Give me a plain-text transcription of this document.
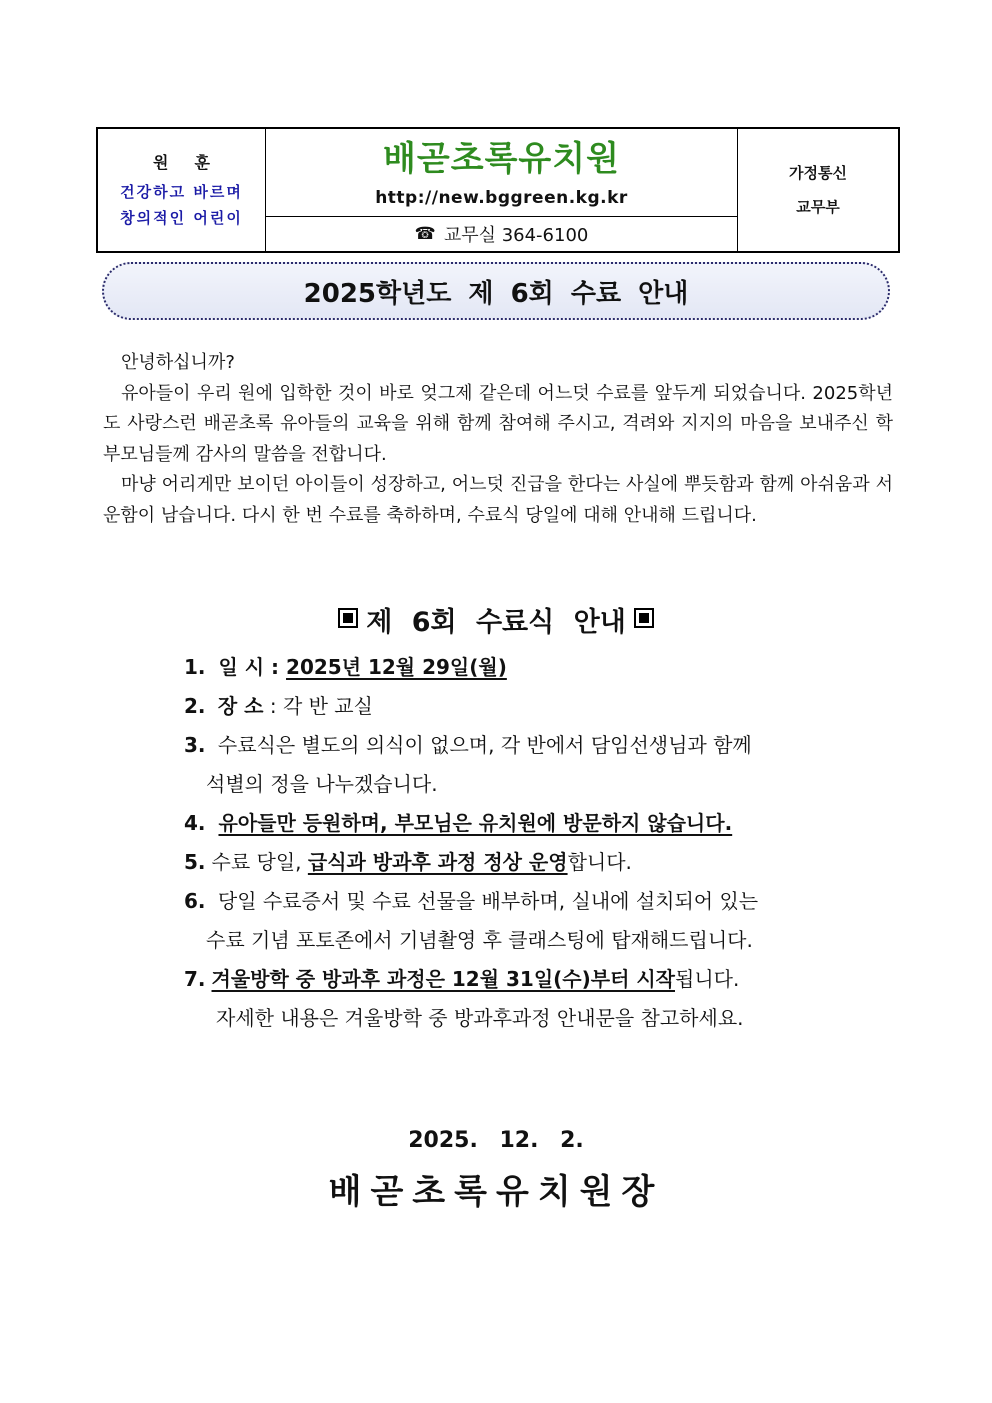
원훈
건강하고 바르며
창의적인 어린이
배곧초록유치원
http://new.bggreen.kg.kr
☎ 교무실 364-6100
가정통신
교무부
2025학년도 제 6회 수료 안내

안녕하십니까?

유아들이 우리 원에 입학한 것이 바로 엊그제 같은데 어느덧 수료를 앞두게 되었습니다. 2025학년도 사랑스런 배곧초록 유아들의 교육을 위해 함께 참여해 주시고, 격려와 지지의 마음을 보내주신 학부모님들께 감사의 말씀을 전합니다.

마냥 어리게만 보이던 아이들이 성장하고, 어느덧 진급을 한다는 사실에 뿌듯함과 함께 아쉬움과 서운함이 남습니다. 다시 한 번 수료를 축하하며, 수료식 당일에 대해 안내해 드립니다.

제 6회 수료식 안내
1. 일 시 : 2025년 12월 29일(월)
2. 장 소 : 각 반 교실
3. 수료식은 별도의 의식이 없으며, 각 반에서 담임선생님과 함께
석별의 정을 나누겠습니다.
4. 유아들만 등원하며, 부모님은 유치원에 방문하지 않습니다.
5. 수료 당일, 급식과 방과후 과정 정상 운영합니다.
6. 당일 수료증서 및 수료 선물을 배부하며, 실내에 설치되어 있는
수료 기념 포토존에서 기념촬영 후 클래스팅에 탑재해드립니다.
7. 겨울방학 중 방과후 과정은 12월 31일(수)부터 시작됩니다.
자세한 내용은 겨울방학 중 방과후과정 안내문을 참고하세요.
2025. 12. 2.
배곧초록유치원장
